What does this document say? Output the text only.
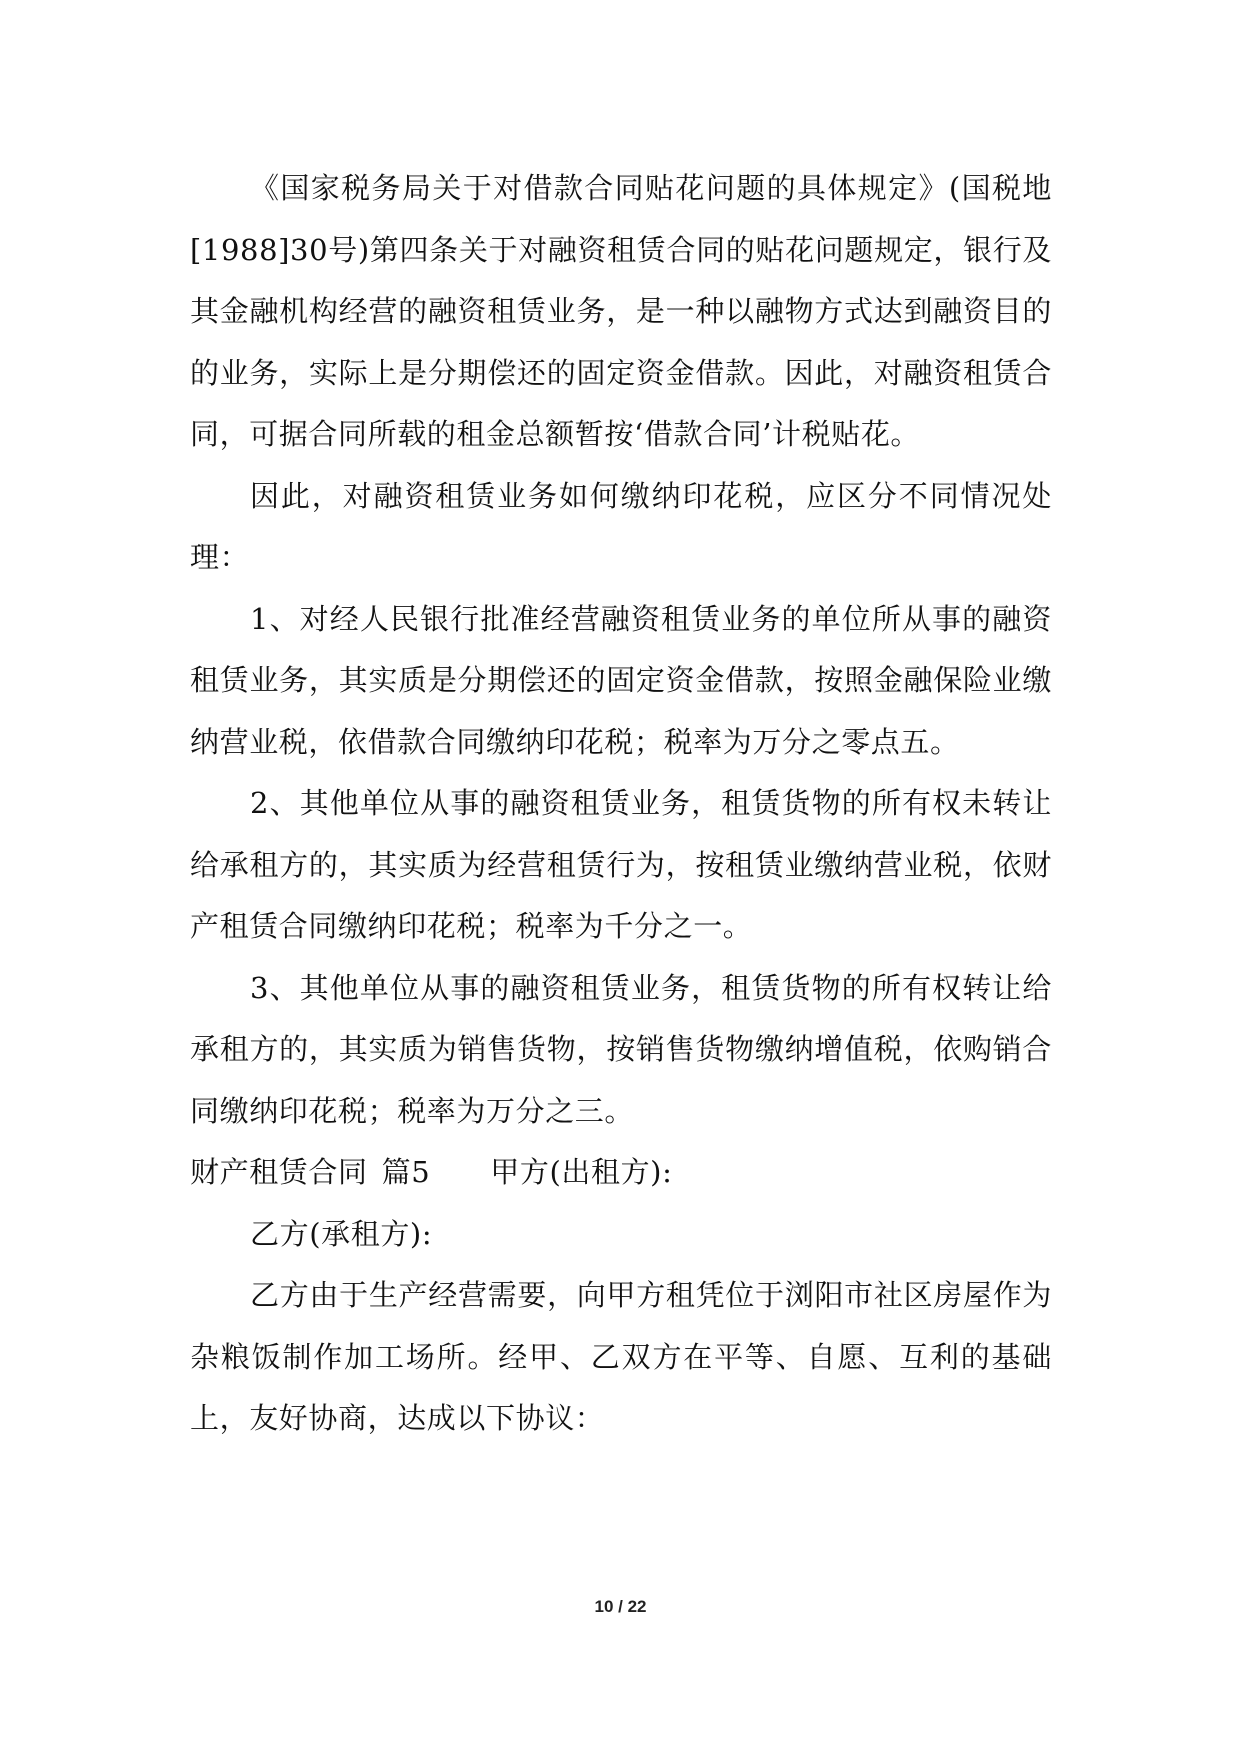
《国家税务局关于对借款合同贴花问题的具体规定》(国税地[1988]30号)第四条关于对融资租赁合同的贴花问题规定，银行及其金融机构经营的融资租赁业务，是一种以融物方式达到融资目的的业务，实际上是分期偿还的固定资金借款。因此，对融资租赁合同，可据合同所载的租金总额暂按‘借款合同’计税贴花。

因此，对融资租赁业务如何缴纳印花税，应区分不同情况处理：

1、对经人民银行批准经营融资租赁业务的单位所从事的融资租赁业务，其实质是分期偿还的固定资金借款，按照金融保险业缴纳营业税，依借款合同缴纳印花税；税率为万分之零点五。

2、其他单位从事的融资租赁业务，租赁货物的所有权未转让给承租方的，其实质为经营租赁行为，按租赁业缴纳营业税，依财产租赁合同缴纳印花税；税率为千分之一。

3、其他单位从事的融资租赁业务，租赁货物的所有权转让给承租方的，其实质为销售货物，按销售货物缴纳增值税，依购销合同缴纳印花税；税率为万分之三。

财产租赁合同 篇5 甲方(出租方):

乙方(承租方):

乙方由于生产经营需要，向甲方租凭位于浏阳市社区房屋作为杂粮饭制作加工场所。经甲、乙双方在平等、自愿、互利的基础上，友好协商，达成以下协议：

10 / 22
